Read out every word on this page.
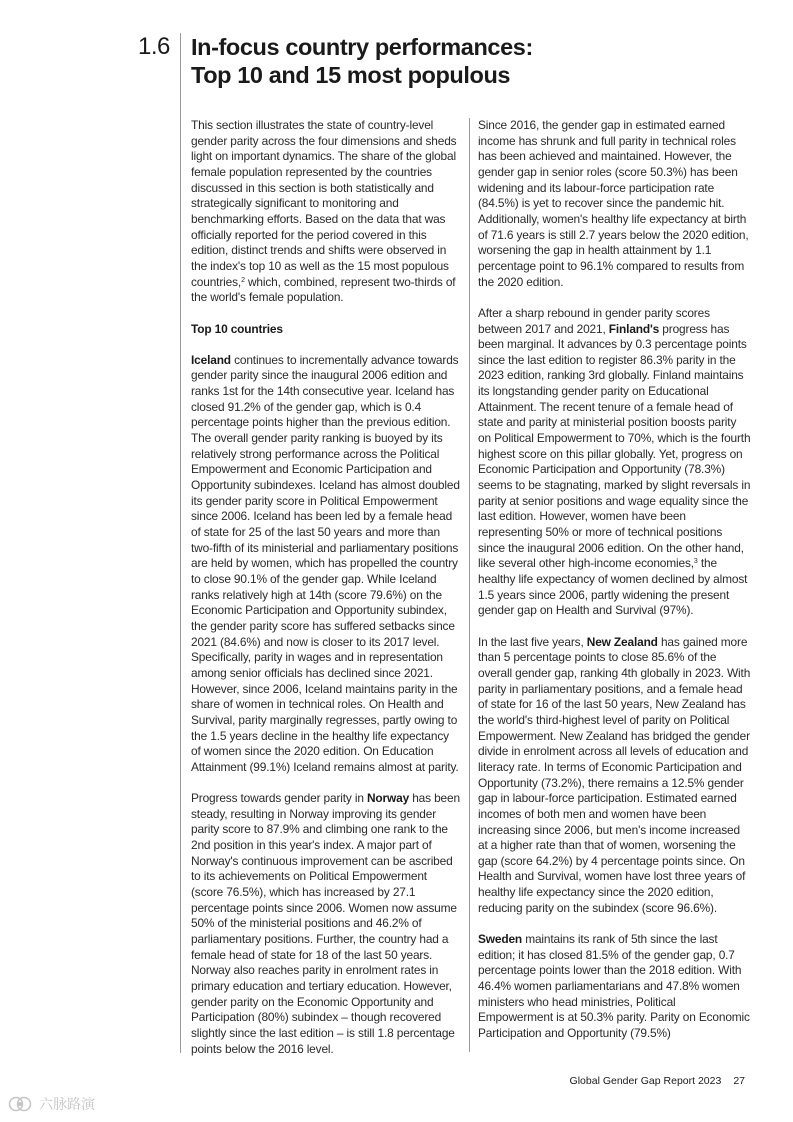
1.6 In-focus country performances:
Top 10 and 15 most populous

This section illustrates the state of country-level gender parity across the four dimensions and sheds light on important dynamics. The share of the global female population represented by the countries discussed in this section is both statistically and strategically significant to monitoring and benchmarking efforts. Based on the data that was officially reported for the period covered in this edition, distinct trends and shifts were observed in the index's top 10 as well as the 15 most populous countries,$^2$ which, combined, represent two-thirds of the world's female population.

Top 10 countries

Iceland continues to incrementally advance towards gender parity since the inaugural 2006 edition and ranks 1st for the 14th consecutive year. Iceland has closed 91.2% of the gender gap, which is 0.4 percentage points higher than the previous edition. The overall gender parity ranking is buoyed by its relatively strong performance across the Political Empowerment and Economic Participation and Opportunity subindexes. Iceland has almost doubled its gender parity score in Political Empowerment since 2006. Iceland has been led by a female head of state for 25 of the last 50 years and more than two-fifth of its ministerial and parliamentary positions are held by women, which has propelled the country to close 90.1% of the gender gap. While Iceland ranks relatively high at 14th (score 79.6%) on the Economic Participation and Opportunity subindex, the gender parity score has suffered setbacks since 2021 (84.6%) and now is closer to its 2017 level. Specifically, parity in wages and in representation among senior officials has declined since 2021. However, since 2006, Iceland maintains parity in the share of women in technical roles. On Health and Survival, parity marginally regresses, partly owing to the 1.5 years decline in the healthy life expectancy of women since the 2020 edition. On Education Attainment (99.1%) Iceland remains almost at parity.

Progress towards gender parity in Norway has been steady, resulting in Norway improving its gender parity score to 87.9% and climbing one rank to the 2nd position in this year's index. A major part of Norway's continuous improvement can be ascribed to its achievements on Political Empowerment (score 76.5%), which has increased by 27.1 percentage points since 2006. Women now assume 50% of the ministerial positions and 46.2% of parliamentary positions. Further, the country had a female head of state for 18 of the last 50 years. Norway also reaches parity in enrolment rates in primary education and tertiary education. However, gender parity on the Economic Opportunity and Participation (80%) subindex – though recovered slightly since the last edition – is still 1.8 percentage points below the 2016 level.

Since 2016, the gender gap in estimated earned income has shrunk and full parity in technical roles has been achieved and maintained. However, the gender gap in senior roles (score 50.3%) has been widening and its labour-force participation rate (84.5%) is yet to recover since the pandemic hit. Additionally, women's healthy life expectancy at birth of 71.6 years is still 2.7 years below the 2020 edition, worsening the gap in health attainment by 1.1 percentage point to 96.1% compared to results from the 2020 edition.

After a sharp rebound in gender parity scores between 2017 and 2021, Finland's progress has been marginal. It advances by 0.3 percentage points since the last edition to register 86.3% parity in the 2023 edition, ranking 3rd globally. Finland maintains its longstanding gender parity on Educational Attainment. The recent tenure of a female head of state and parity at ministerial position boosts parity on Political Empowerment to 70%, which is the fourth highest score on this pillar globally. Yet, progress on Economic Participation and Opportunity (78.3%) seems to be stagnating, marked by slight reversals in parity at senior positions and wage equality since the last edition. However, women have been representing 50% or more of technical positions since the inaugural 2006 edition. On the other hand, like several other high-income economies,$^3$ the healthy life expectancy of women declined by almost 1.5 years since 2006, partly widening the present gender gap on Health and Survival (97%).

In the last five years, New Zealand has gained more than 5 percentage points to close 85.6% of the overall gender gap, ranking 4th globally in 2023. With parity in parliamentary positions, and a female head of state for 16 of the last 50 years, New Zealand has the world's third-highest level of parity on Political Empowerment. New Zealand has bridged the gender divide in enrolment across all levels of education and literacy rate. In terms of Economic Participation and Opportunity (73.2%), there remains a 12.5% gender gap in labour-force participation. Estimated earned incomes of both men and women have been increasing since 2006, but men's income increased at a higher rate than that of women, worsening the gap (score 64.2%) by 4 percentage points since. On Health and Survival, women have lost three years of healthy life expectancy since the 2020 edition, reducing parity on the subindex (score 96.6%).

Sweden maintains its rank of 5th since the last edition; it has closed 81.5% of the gender gap, 0.7 percentage points lower than the 2018 edition. With 46.4% women parliamentarians and 47.8% women ministers who head ministries, Political Empowerment is at 50.3% parity. Parity on Economic Participation and Opportunity (79.5%)

Global Gender Gap Report 2023 27
六脉路演
